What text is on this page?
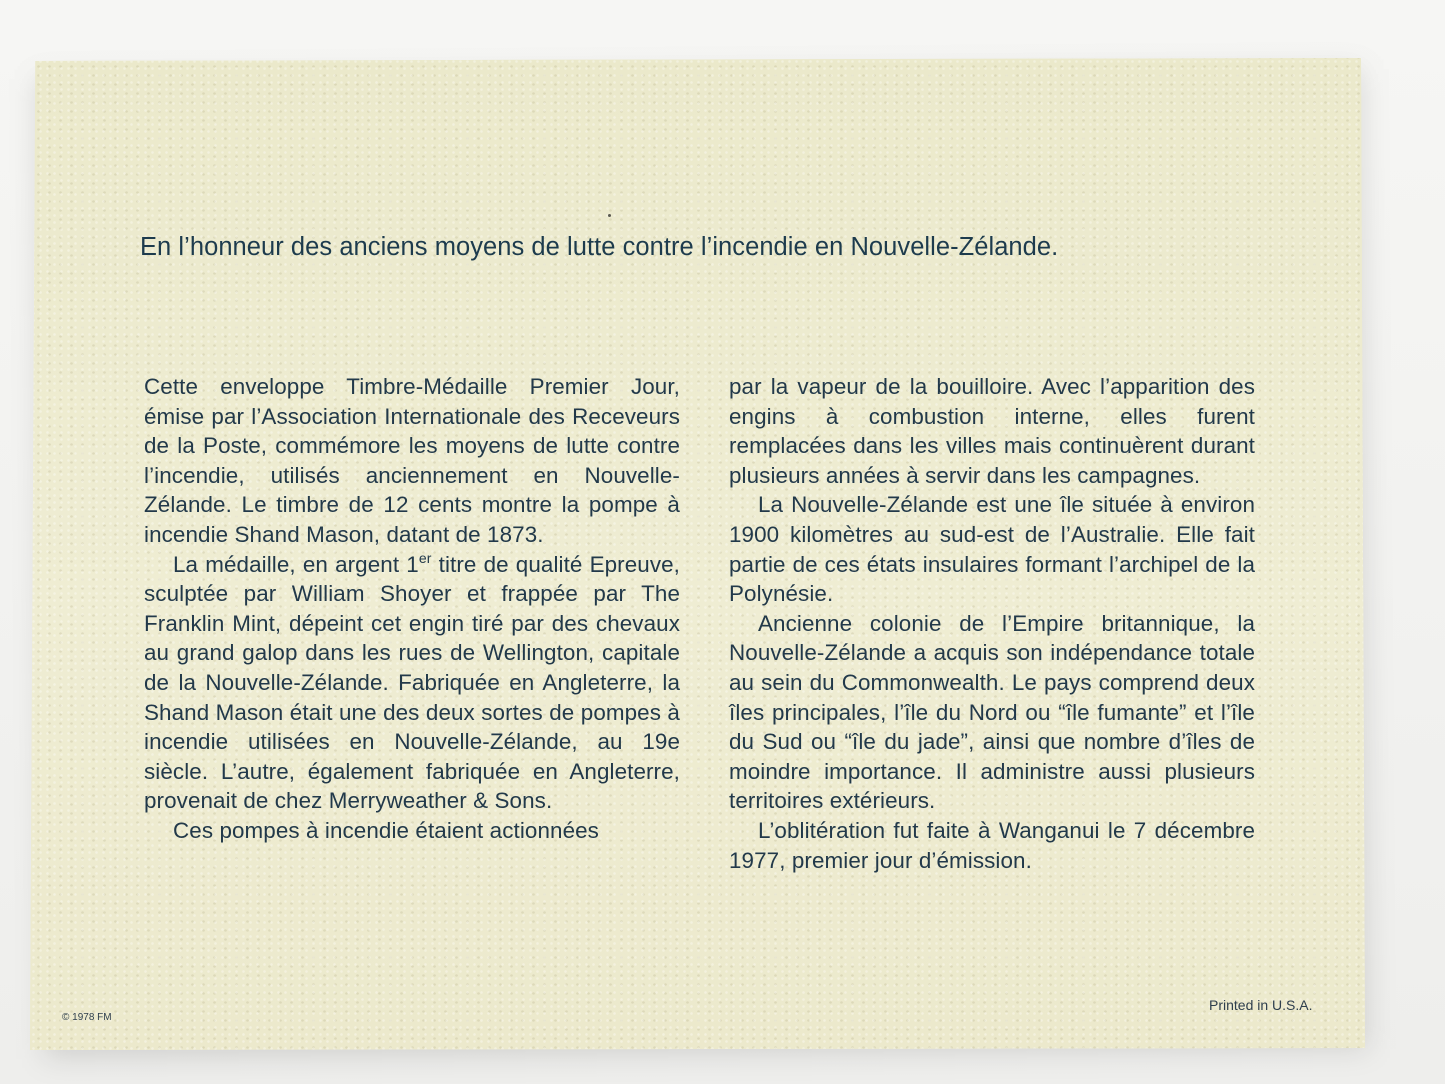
En l’honneur des anciens moyens de lutte contre l’incendie en Nouvelle-Zélande.

Cette enveloppe Timbre-Médaille Premier Jour, émise par l’Association Internationale des Receveurs de la Poste, commémore les moyens de lutte contre l’incendie, utilisés anciennement en Nouvelle-Zélande. Le timbre de 12 cents montre la pompe à incendie Shand Mason, datant de 1873.

La médaille, en argent 1er titre de qualité Epreuve, sculptée par William Shoyer et frappée par The Franklin Mint, dépeint cet engin tiré par des chevaux au grand galop dans les rues de Wellington, capitale de la Nouvelle-Zélande. Fabriquée en Angleterre, la Shand Mason était une des deux sortes de pompes à incendie utilisées en Nouvelle-Zélande, au 19e siècle. L’autre, également fabriquée en Angleterre, provenait de chez Merryweather & Sons.

Ces pompes à incendie étaient actionnées

par la vapeur de la bouilloire. Avec l’apparition des engins à combustion interne, elles furent remplacées dans les villes mais continuèrent durant plusieurs années à servir dans les campagnes.

La Nouvelle-Zélande est une île située à environ 1900 kilomètres au sud-est de l’Australie. Elle fait partie de ces états insulaires formant l’archipel de la Polynésie.

Ancienne colonie de l’Empire britannique, la Nouvelle-Zélande a acquis son indépendance totale au sein du Commonwealth. Le pays comprend deux îles principales, l’île du Nord ou “île fumante” et l’île du Sud ou “île du jade”, ainsi que nombre d’îles de moindre importance. Il administre aussi plusieurs territoires extérieurs.

L’oblitération fut faite à Wanganui le 7 décembre 1977, premier jour d’émission.

© 1978 FM
Printed in U.S.A.
